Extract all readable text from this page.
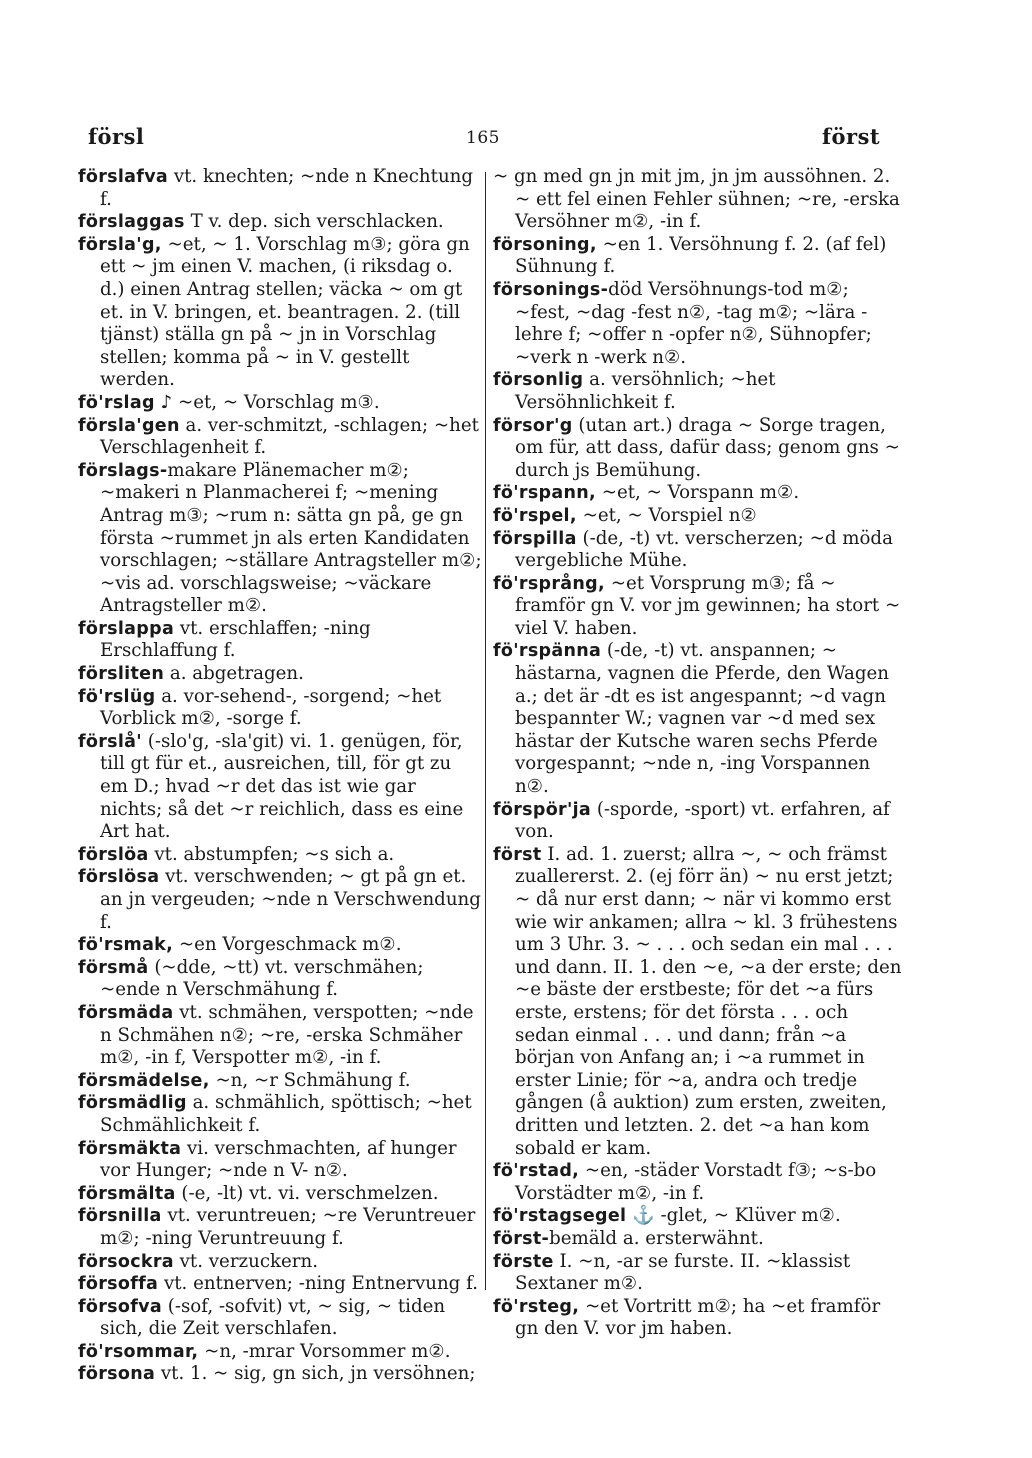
försl	165	först
förslafva vt. knechten; ~nde n Knechtung f.
förslaggas T v. dep. sich verschlacken.
förslа'g, ~et, ~ 1. Vorschlag m③; göra gn ett ~ jm einen V. machen, (i riksdag o. d.) einen Antrag stellen; väcka ~ om gt et. in V. bringen, et. beantragen. 2. (till tjänst) ställa gn på ~ jn in Vorschlag stellen; komma på ~ in V. gestellt werden.
fö'rslag ♪ ~et, ~ Vorschlag m③.
förslа'gen a. ver-schmitzt, -schlagen; ~het Verschlagenheit f.
förslags-makare Plänemacher m②; ~makeri n Planmacherei f; ~mening Antrag m③; ~rum n: sätta gn på, ge gn första ~rummet jn als erten Kandidaten vorschlagen; ~ställare Antragsteller m②; ~vis ad. vorschlagsweise; ~väckare Antragsteller m②.
förslappa vt. erschlaffen; -ning Erschlaffung f.
försliten a. abgetragen.
fö'rslüg a. vor-sehend-, -sorgend; ~het Vorblick m②, -sorge f.
förslå' (-slo'g, -sla'git) vi. 1. genügen, för, till gt für et., ausreichen, till, för gt zu em D.; hvad ~r det das ist wie gar nichts; så det ~r reichlich, dass es eine Art hat.
förslöa vt. abstumpfen; ~s sich a.
förslösa vt. verschwenden; ~ gt på gn et. an jn vergeuden; ~nde n Verschwendung f.
fö'rsmak, ~en Vorgeschmack m②.
försmå (~dde, ~tt) vt. verschmähen; ~ende n Verschmähung f.
försmäda vt. schmähen, verspotten; ~nde n Schmähen n②; ~re, -erska Schmäher m②, -in f, Verspotter m②, -in f.
försmädelse, ~n, ~r Schmähung f.
försmädlig a. schmählich, spöttisch; ~het Schmählichkeit f.
försmäkta vi. verschmachten, af hunger vor Hunger; ~nde n V- n②.
försmälta (-e, -lt) vt. vi. verschmelzen.
försnilla vt. veruntreuen; ~re Veruntreuer m②; -ning Veruntreuung f.
försockra vt. verzuckern.
försoffa vt. entnerven; -ning Entnervung f.
försofva (-sof, -sofvit) vt, ~ sig, ~ tiden sich, die Zeit verschlafen.
fö'rsommar, ~n, -mrar Vorsommer m②.
försona vt. 1. ~ sig, gn sich, jn versöhnen;
~ gn med gn jn mit jm, jn jm aussöhnen. 2. ~ ett fel einen Fehler sühnen; ~re, -erska Versöhner m②, -in f.
försoning, ~en 1. Versöhnung f. 2. (af fel) Sühnung f.
försonings-död Versöhnungs-tod m②; ~fest, ~dag -fest n②, -tag m②; ~lära -lehre f; ~offer n -opfer n②, Sühnopfer; ~verk n -werk n②.
försonlig a. versöhnlich; ~het Versöhnlichkeit f.
försor'g (utan art.) draga ~ Sorge tragen, om für, att dass, dafür dass; genom gns ~ durch js Bemühung.
fö'rspann, ~et, ~ Vorspann m②.
fö'rspel, ~et, ~ Vorspiel n②
förspilla (-de, -t) vt. verscherzen; ~d möda vergebliche Mühe.
fö'rsprång, ~et Vorsprung m③; få ~ framför gn V. vor jm gewinnen; ha stort ~ viel V. haben.
fö'rspänna (-de, -t) vt. anspannen; ~ hästarna, vagnen die Pferde, den Wagen a.; det är -dt es ist angespannt; ~d vagn bespannter W.; vagnen var ~d med sex hästar der Kutsche waren sechs Pferde vorgespannt; ~nde n, -ing Vorspannen n②.
förspör'ja (-sporde, -sport) vt. erfahren, af von.
först I. ad. 1. zuerst; allra ~, ~ och främst zuallererst. 2. (ej förr än) ~ nu erst jetzt; ~ då nur erst dann; ~ när vi kommo erst wie wir ankamen; allra ~ kl. 3 frühestens um 3 Uhr. 3. ~ . . . och sedan ein mal . . . und dann. II. 1. den ~e, ~a der erste; den ~e bäste der erstbeste; för det ~a fürs erste, erstens; för det första . . . och sedan einmal . . . und dann; från ~a början von Anfang an; i ~a rummet in erster Linie; för ~a, andra och tredje gången (å auktion) zum ersten, zweiten, dritten und letzten. 2. det ~a han kom sobald er kam.
fö'rstad, ~en, -städer Vorstadt f③; ~s-bo Vorstädter m②, -in f.
fö'rstagsegel ⚓ -glet, ~ Klüver m②.
först-bemäld a. ersterwähnt.
förste I. ~n, -ar se furste. II. ~klassist Sextaner m②.
fö'rsteg, ~et Vortritt m②; ha ~et framför gn den V. vor jm haben.
